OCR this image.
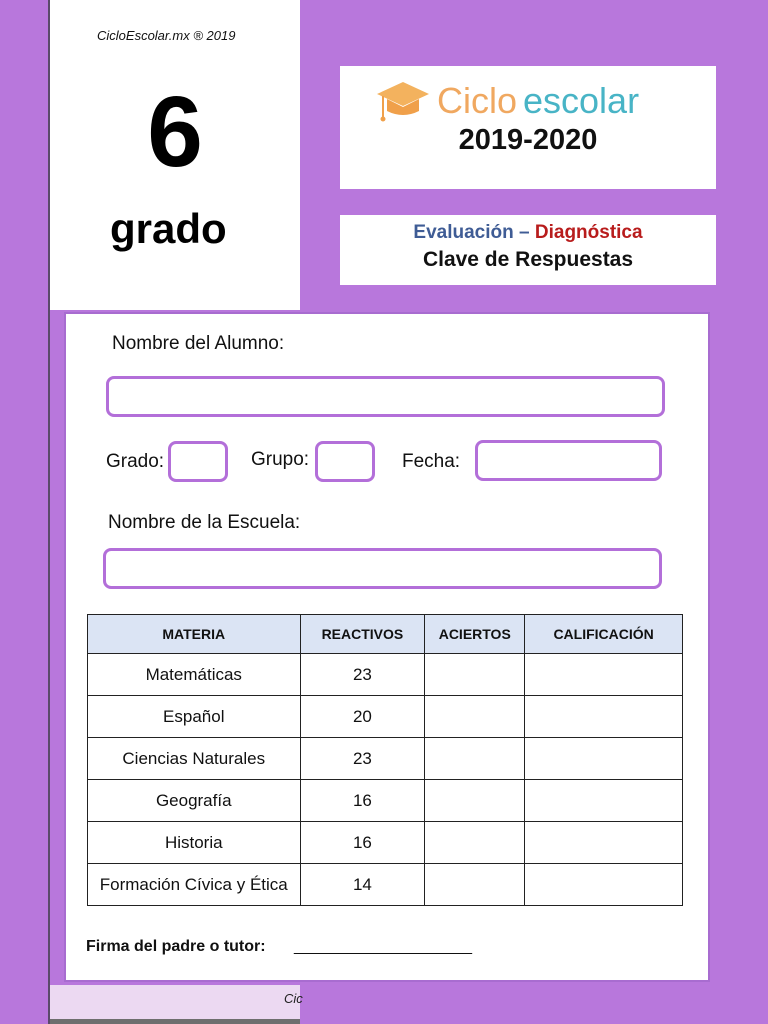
CicloEscolar.mx ® 2019
6
grado
Ciclo escolar
2019-2020
Evaluación – Diagnóstica
Clave de Respuestas
Nombre del Alumno:
Grado:	Grupo:	Fecha:
Nombre de la Escuela:
MATERIA	REACTIVOS	ACIERTOS	CALIFICACIÓN
Matemáticas	23		
Español	20		
Ciencias Naturales	23		
Geografía	16		
Historia	16		
Formación Cívica y Ética	14		
Firma del padre o tutor: ____________________
Cic
